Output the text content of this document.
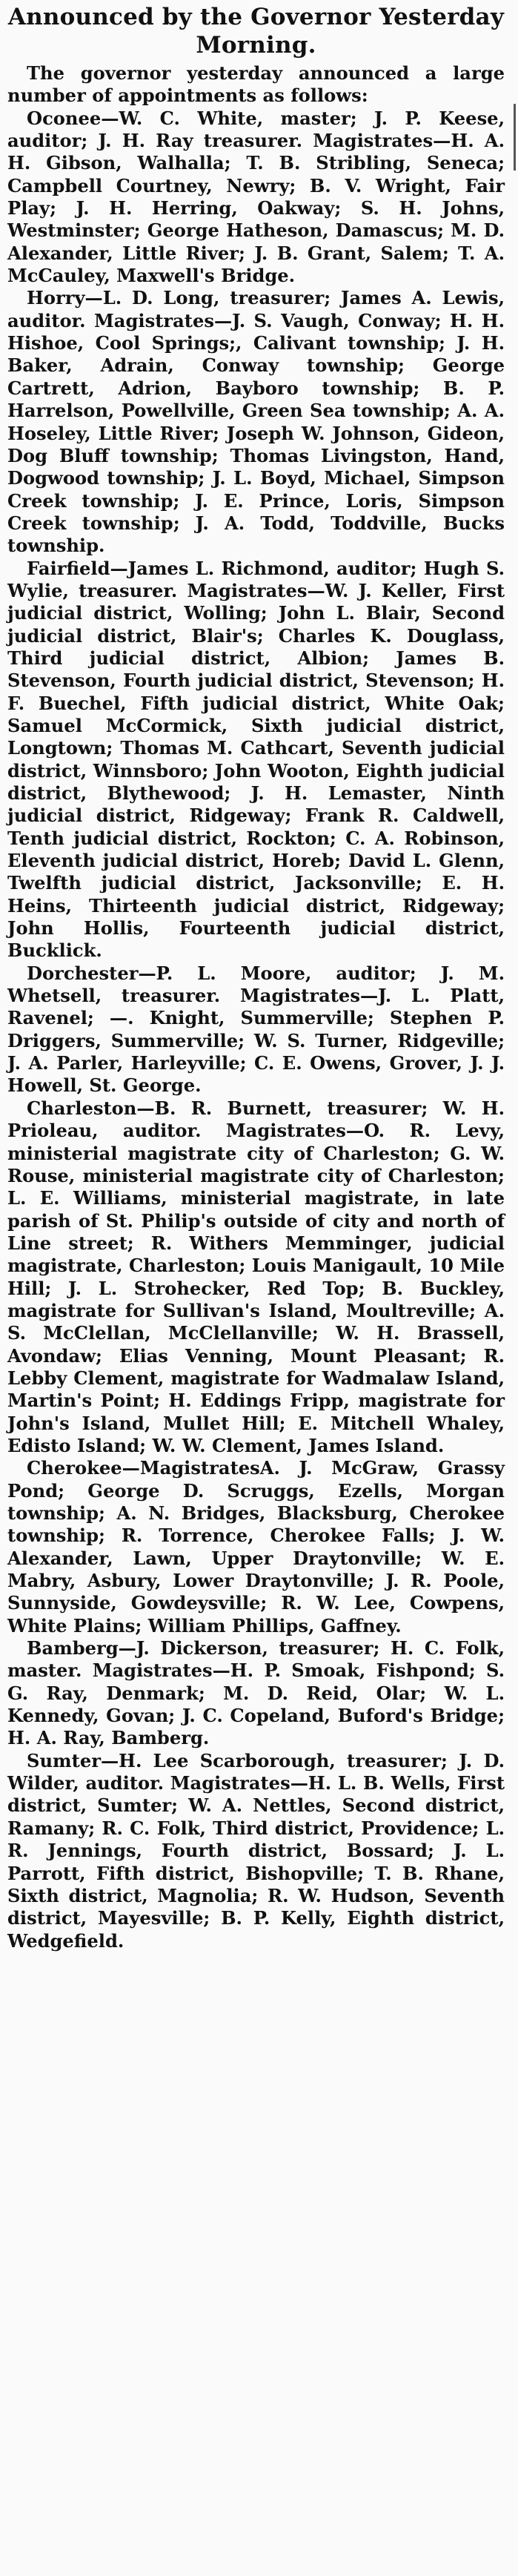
Announced by the Governor Yesterday Morning.

The governor yesterday announced a large number of appointments as follows:

Oconee—W. C. White, master; J. P. Keese, auditor; J. H. Ray treasurer. Magistrates—H. A. H. Gibson, Walhalla; T. B. Stribling, Seneca; Campbell Courtney, Newry; B. V. Wright, Fair Play; J. H. Herring, Oakway; S. H. Johns, Westminster; George Hatheson, Damascus; M. D. Alexander, Little River; J. B. Grant, Salem; T. A. McCauley, Maxwell's Bridge.

Horry—L. D. Long, treasurer; James A. Lewis, auditor. Magistrates—J. S. Vaugh, Conway; H. H. Hishoe, Cool Springs;, Calivant township; J. H. Baker, Adrain, Conway township; George Cartrett, Adrion, Bayboro township; B. P. Harrelson, Powellville, Green Sea township; A. A. Hoseley, Little River; Joseph W. Johnson, Gideon, Dog Bluff township; Thomas Livingston, Hand, Dogwood township; J. L. Boyd, Michael, Simpson Creek township; J. E. Prince, Loris, Simpson Creek township; J. A. Todd, Toddville, Bucks township.

Fairfield—James L. Richmond, auditor; Hugh S. Wylie, treasurer. Magistrates—W. J. Keller, First judicial district, Wolling; John L. Blair, Second judicial district, Blair's; Charles K. Douglass, Third judicial district, Albion; James B. Stevenson, Fourth judicial district, Stevenson; H. F. Buechel, Fifth judicial district, White Oak; Samuel McCormick, Sixth judicial district, Longtown; Thomas M. Cathcart, Seventh judicial district, Winnsboro; John Wooton, Eighth judicial district, Blythewood; J. H. Lemaster, Ninth judicial district, Ridgeway; Frank R. Caldwell, Tenth judicial district, Rockton; C. A. Robinson, Eleventh judicial district, Horeb; David L. Glenn, Twelfth judicial district, Jacksonville; E. H. Heins, Thirteenth judicial district, Ridgeway; John Hollis, Fourteenth judicial district, Bucklick.

Dorchester—P. L. Moore, auditor; J. M. Whetsell, treasurer. Magistrates—J. L. Platt, Ravenel; —. Knight, Summerville; Stephen P. Driggers, Summerville; W. S. Turner, Ridgeville; J. A. Parler, Harleyville; C. E. Owens, Grover, J. J. Howell, St. George.

Charleston—B. R. Burnett, treasurer; W. H. Prioleau, auditor. Magistrates—O. R. Levy, ministerial magistrate city of Charleston; G. W. Rouse, ministerial magistrate city of Charleston; L. E. Williams, ministerial magistrate, in late parish of St. Philip's outside of city and north of Line street; R. Withers Memminger, judicial magistrate, Charleston; Louis Manigault, 10 Mile Hill; J. L. Strohecker, Red Top; B. Buckley, magistrate for Sullivan's Island, Moultreville; A. S. McClellan, McClellanville; W. H. Brassell, Avondaw; Elias Venning, Mount Pleasant; R. Lebby Clement, magistrate for Wadmalaw Island, Martin's Point; H. Eddings Fripp, magistrate for John's Island, Mullet Hill; E. Mitchell Whaley, Edisto Island; W. W. Clement, James Island.

Cherokee—MagistratesA. J. McGraw, Grassy Pond; George D. Scruggs, Ezells, Morgan township; A. N. Bridges, Blacksburg, Cherokee township; R. Torrence, Cherokee Falls; J. W. Alexander, Lawn, Upper Draytonville; W. E. Mabry, Asbury, Lower Draytonville; J. R. Poole, Sunnyside, Gowdeysville; R. W. Lee, Cowpens, White Plains; William Phillips, Gaffney.

Bamberg—J. Dickerson, treasurer; H. C. Folk, master. Magistrates—H. P. Smoak, Fishpond; S. G. Ray, Denmark; M. D. Reid, Olar; W. L. Kennedy, Govan; J. C. Copeland, Buford's Bridge; H. A. Ray, Bamberg.

Sumter—H. Lee Scarborough, treasurer; J. D. Wilder, auditor. Magistrates—H. L. B. Wells, First district, Sumter; W. A. Nettles, Second district, Ramany; R. C. Folk, Third district, Providence; L. R. Jennings, Fourth district, Bossard; J. L. Parrott, Fifth district, Bishopville; T. B. Rhane, Sixth district, Magnolia; R. W. Hudson, Seventh district, Mayesville; B. P. Kelly, Eighth district, Wedgefield.
